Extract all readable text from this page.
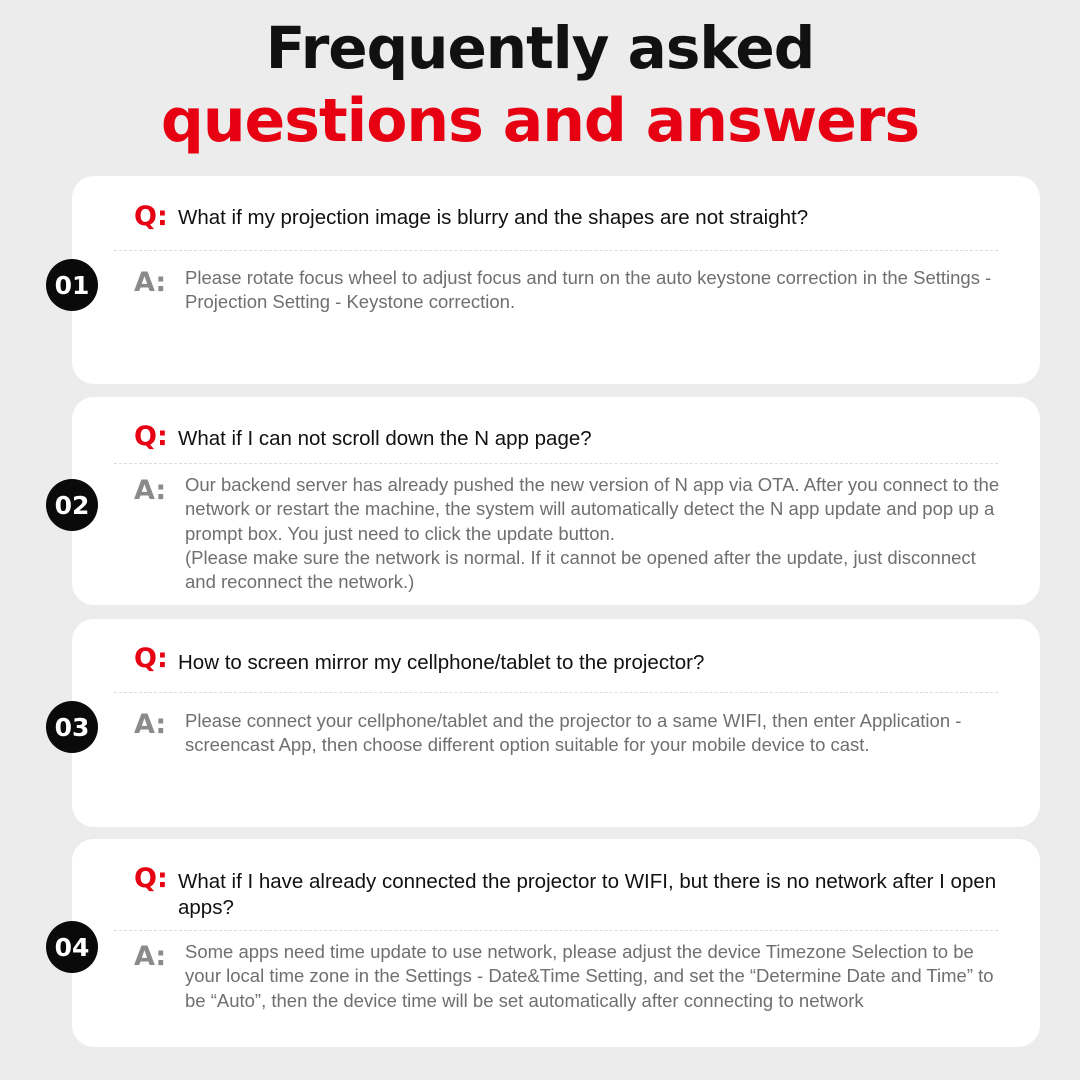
Frequently asked
questions and answers
01
Q: What if my projection image is blurry and the shapes are not straight?
A: Please rotate focus wheel to adjust focus and turn on the auto keystone correction in the Settings - Projection Setting - Keystone correction.
02
Q: What if I can not scroll down the N app page?
A: Our backend server has already pushed the new version of N app via OTA. After you connect to the network or restart the machine, the system will automatically detect the N app update and pop up a prompt box. You just need to click the update button.
(Please make sure the network is normal. If it cannot be opened after the update, just disconnect and reconnect the network.)
03
Q: How to screen mirror my cellphone/tablet to the projector?
A: Please connect your cellphone/tablet and the projector to a same WIFI, then enter Application - screencast App, then choose different option suitable for your mobile device to cast.
04
Q: What if I have already connected the projector to WIFI, but there is no network after I open apps?
A: Some apps need time update to use network, please adjust the device Timezone Selection to be your local time zone in the Settings - Date&Time Setting, and set the “Determine Date and Time” to be “Auto”, then the device time will be set automatically after connecting to network
